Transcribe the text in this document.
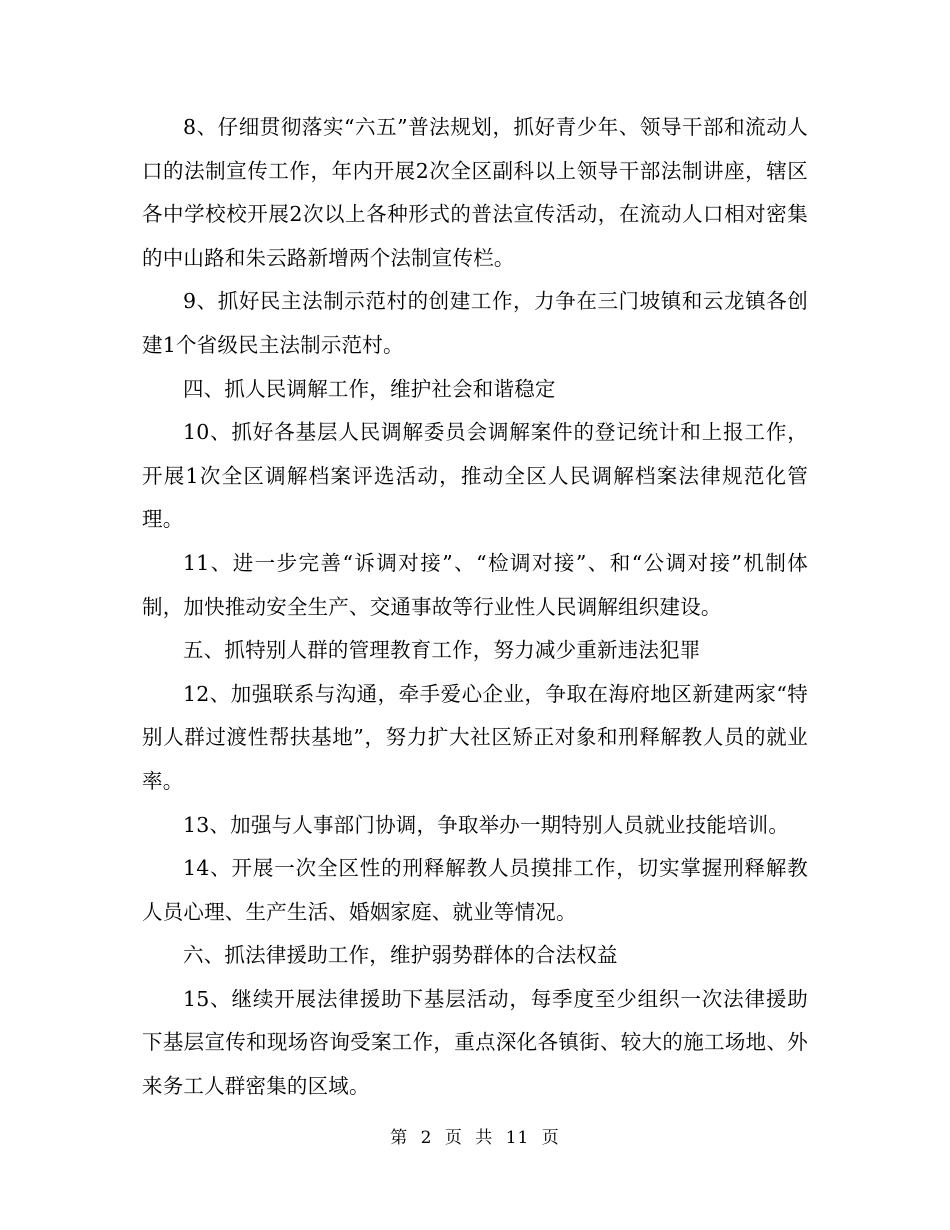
8、仔细贯彻落实“六五”普法规划，抓好青少年、领导干部和流动人口的法制宣传工作，年内开展2次全区副科以上领导干部法制讲座，辖区各中学校校开展2次以上各种形式的普法宣传活动，在流动人口相对密集的中山路和朱云路新增两个法制宣传栏。

9、抓好民主法制示范村的创建工作，力争在三门坡镇和云龙镇各创建1个省级民主法制示范村。

四、抓人民调解工作，维护社会和谐稳定

10、抓好各基层人民调解委员会调解案件的登记统计和上报工作，开展1次全区调解档案评选活动，推动全区人民调解档案法律规范化管理。

11、进一步完善“诉调对接”、“检调对接”、和“公调对接”机制体制，加快推动安全生产、交通事故等行业性人民调解组织建设。

五、抓特别人群的管理教育工作，努力减少重新违法犯罪

12、加强联系与沟通，牵手爱心企业，争取在海府地区新建两家“特别人群过渡性帮扶基地”，努力扩大社区矫正对象和刑释解教人员的就业率。

13、加强与人事部门协调，争取举办一期特别人员就业技能培训。

14、开展一次全区性的刑释解教人员摸排工作，切实掌握刑释解教人员心理、生产生活、婚姻家庭、就业等情况。

六、抓法律援助工作，维护弱势群体的合法权益

15、继续开展法律援助下基层活动，每季度至少组织一次法律援助下基层宣传和现场咨询受案工作，重点深化各镇街、较大的施工场地、外来务工人群密集的区域。

第 2 页 共 11 页
